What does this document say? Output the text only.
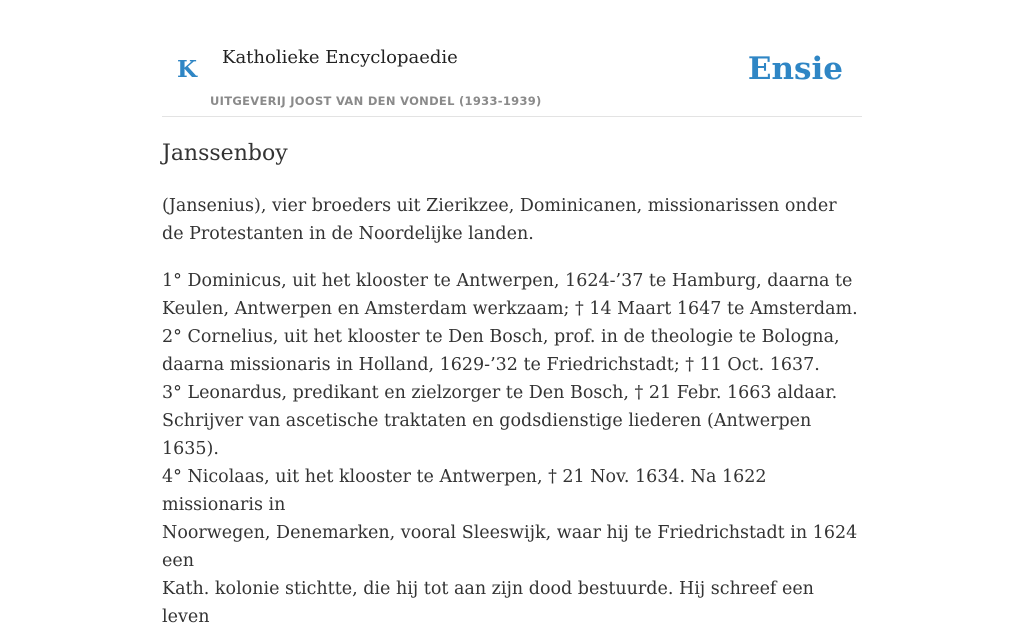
K Katholieke Encyclopaedie
UITGEVERIJ JOOST VAN DEN VONDEL (1933-1939)
Ensie
Janssenboy

(Jansenius), vier broeders uit Zierikzee, Dominicanen, missionarissen onder de Protestanten in de Noordelijke landen.

1° Dominicus, uit het klooster te Antwerpen, 1624-’37 te Hamburg, daarna te
Keulen, Antwerpen en Amsterdam werkzaam; † 14 Maart 1647 te Amsterdam.
2° Cornelius, uit het klooster te Den Bosch, prof. in de theologie te Bologna,
daarna missionaris in Holland, 1629-’32 te Friedrichstadt; † 11 Oct. 1637.
3° Leonardus, predikant en zielzorger te Den Bosch, † 21 Febr. 1663 aldaar.
Schrijver van ascetische traktaten en godsdienstige liederen (Antwerpen 1635).
4° Nicolaas, uit het klooster te Antwerpen, † 21 Nov. 1634. Na 1622 missionaris in
Noorwegen, Denemarken, vooral Sleeswijk, waar hij te Friedrichstadt in 1624 een
Kath. kolonie stichtte, die hij tot aan zijn dood bestuurde. Hij schreef een leven
